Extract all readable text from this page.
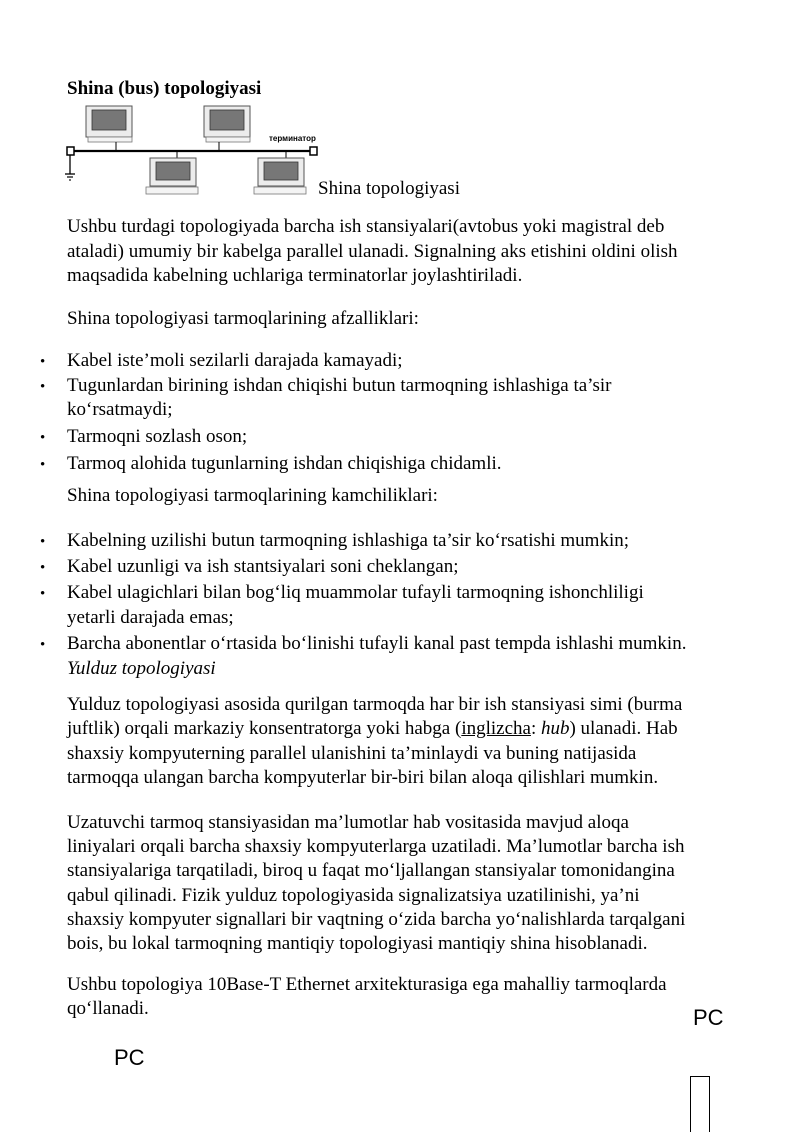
Shina (bus) topologiyasi
терминатор
Shina topologiyasi
Ushbu turdagi topologiyada barcha ish stansiyalari(avtobus yoki magistral deb
ataladi) umumiy bir kabelga parallel ulanadi. Signalning aks etishini oldini olish
maqsadida kabelning uchlariga terminatorlar joylashtiriladi.
Shina topologiyasi tarmoqlarining afzalliklari:
• Kabel iste’moli sezilarli darajada kamayadi;
• Tugunlardan birining ishdan chiqishi butun tarmoqning ishlashiga ta’sir
ko‘rsatmaydi;
• Tarmoqni sozlash oson;
• Tarmoq alohida tugunlarning ishdan chiqishiga chidamli.
Shina topologiyasi tarmoqlarining kamchiliklari:
• Kabelning uzilishi butun tarmoqning ishlashiga ta’sir ko‘rsatishi mumkin;
• Kabel uzunligi va ish stantsiyalari soni cheklangan;
• Kabel ulagichlari bilan bog‘liq muammolar tufayli tarmoqning ishonchliligi
yetarli darajada emas;
• Barcha abonentlar o‘rtasida bo‘linishi tufayli kanal past tempda ishlashi mumkin.
Yulduz topologiyasi
Yulduz topologiyasi asosida qurilgan tarmoqda har bir ish stansiyasi simi (burma
juftlik) orqali markaziy konsentratorga yoki habga (inglizcha: hub) ulanadi. Hab
shaxsiy kompyuterning parallel ulanishini ta’minlaydi va buning natijasida
tarmoqqa ulangan barcha kompyuterlar bir-biri bilan aloqa qilishlari mumkin.
Uzatuvchi tarmoq stansiyasidan ma’lumotlar hab vositasida mavjud aloqa
liniyalari orqali barcha shaxsiy kompyuterlarga uzatiladi. Ma’lumotlar barcha ish
stansiyalariga tarqatiladi, biroq u faqat mo‘ljallangan stansiyalar tomonidangina
qabul qilinadi. Fizik yulduz topologiyasida signalizatsiya uzatilinishi, ya’ni
shaxsiy kompyuter signallari bir vaqtning o‘zida barcha yo‘nalishlarda tarqalgani
bois, bu lokal tarmoqning mantiqiy topologiyasi mantiqiy shina hisoblanadi.
Ushbu topologiya 10Base-T Ethernet arxitekturasiga ega mahalliy tarmoqlarda
qo‘llanadi.	PC
PC
